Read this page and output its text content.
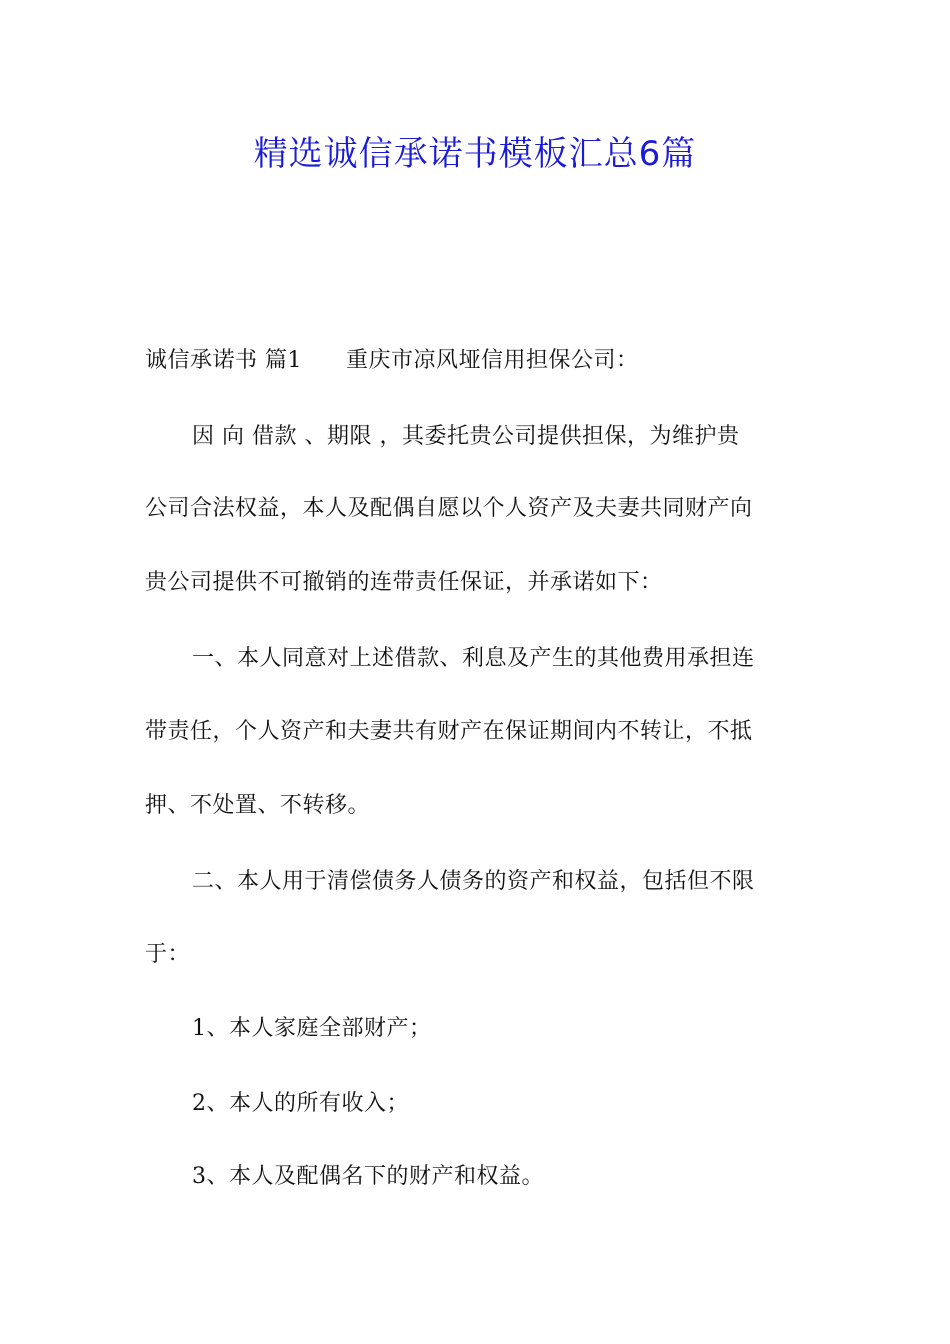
精选诚信承诺书模板汇总6篇
诚信承诺书 篇1 重庆市凉风垭信用担保公司：
因 向 借款 、期限 ，其委托贵公司提供担保，为维护贵
公司合法权益，本人及配偶自愿以个人资产及夫妻共同财产向
贵公司提供不可撤销的连带责任保证，并承诺如下：
一、本人同意对上述借款、利息及产生的其他费用承担连
带责任，个人资产和夫妻共有财产在保证期间内不转让，不抵
押、不处置、不转移。
二、本人用于清偿债务人债务的资产和权益，包括但不限
于：
1、本人家庭全部财产；
2、本人的所有收入；
3、本人及配偶名下的财产和权益。
